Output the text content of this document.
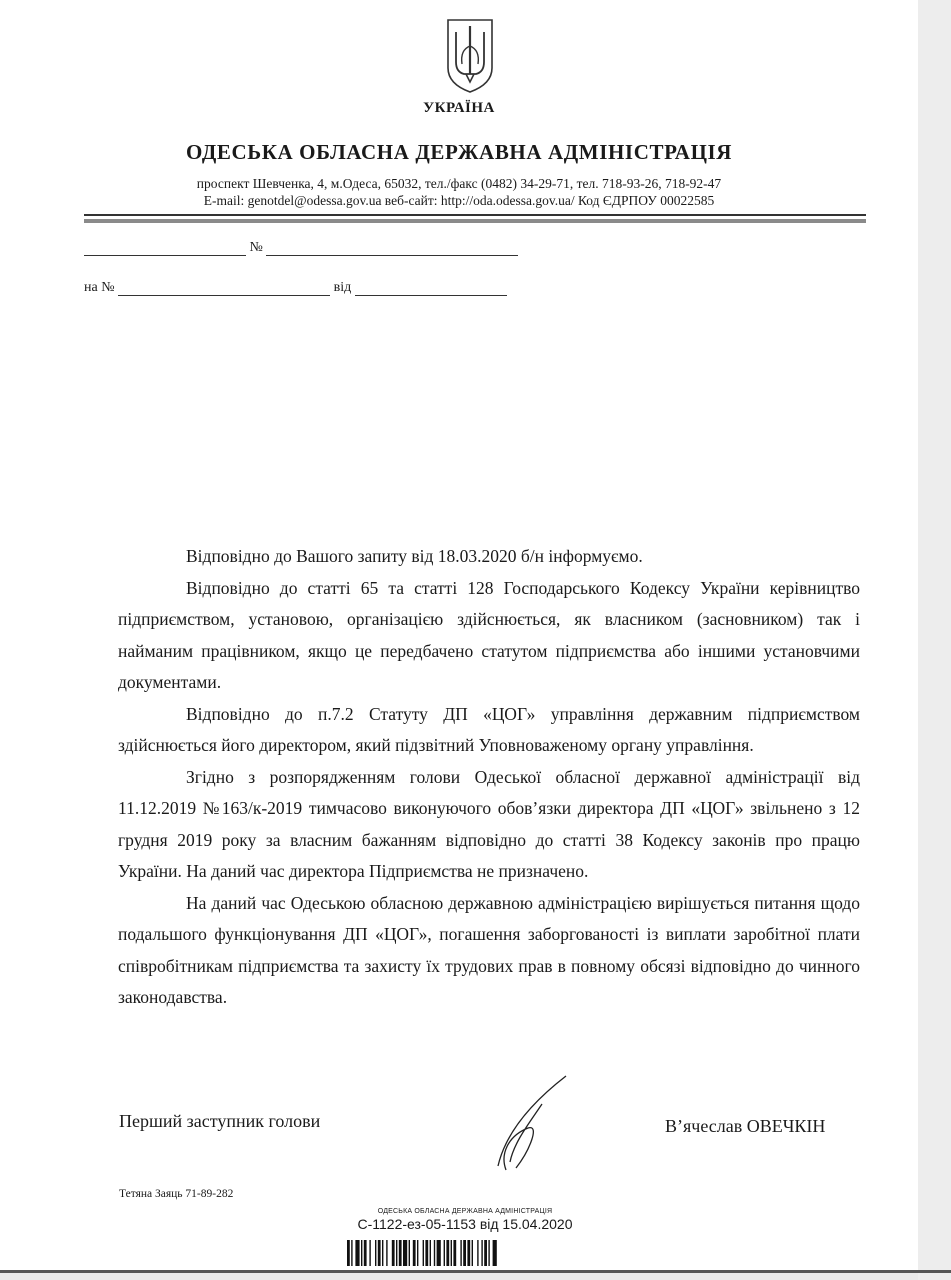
УКРАЇНА
ОДЕСЬКА ОБЛАСНА ДЕРЖАВНА АДМІНІСТРАЦІЯ
проспект Шевченка, 4, м.Одеса, 65032, тел./факс (0482) 34-29-71, тел. 718-93-26, 718-92-47
E-mail: genotdel@odessa.gov.ua веб-сайт: http://oda.odessa.gov.ua/ Код ЄДРПОУ 00022585
№
на №	від

Відповідно до Вашого запиту від 18.03.2020 б/н інформуємо.

Відповідно до статті 65 та статті 128 Господарського Кодексу України керівництво підприємством, установою, організацією здійснюється, як власником (засновником) так і найманим працівником, якщо це передбачено статутом підприємства або іншими установчими документами.

Відповідно до п.7.2 Статуту ДП «ЦОГ» управління державним підприємством здійснюється його директором, який підзвітний Уповноваженому органу управління.

Згідно з розпорядженням голови Одеської обласної державної адміністрації від 11.12.2019 №163/к-2019 тимчасово виконуючого обов’язки директора ДП «ЦОГ» звільнено з 12 грудня 2019 року за власним бажанням відповідно до статті 38 Кодексу законів про працю України. На даний час директора Підприємства не призначено.

На даний час Одеською обласною державною адміністрацією вирішується питання щодо подальшого функціонування ДП «ЦОГ», погашення заборгованості із виплати заробітної плати співробітникам підприємства та захисту їх трудових прав в повному обсязі відповідно до чинного законодавства.

Перший заступник голови	В’ячеслав ОВЕЧКІН
Тетяна Заяць 71-89-282
ОДЕСЬКА ОБЛАСНА ДЕРЖАВНА АДМІНІСТРАЦІЯ
С-1122-ез-05-1153 від 15.04.2020
